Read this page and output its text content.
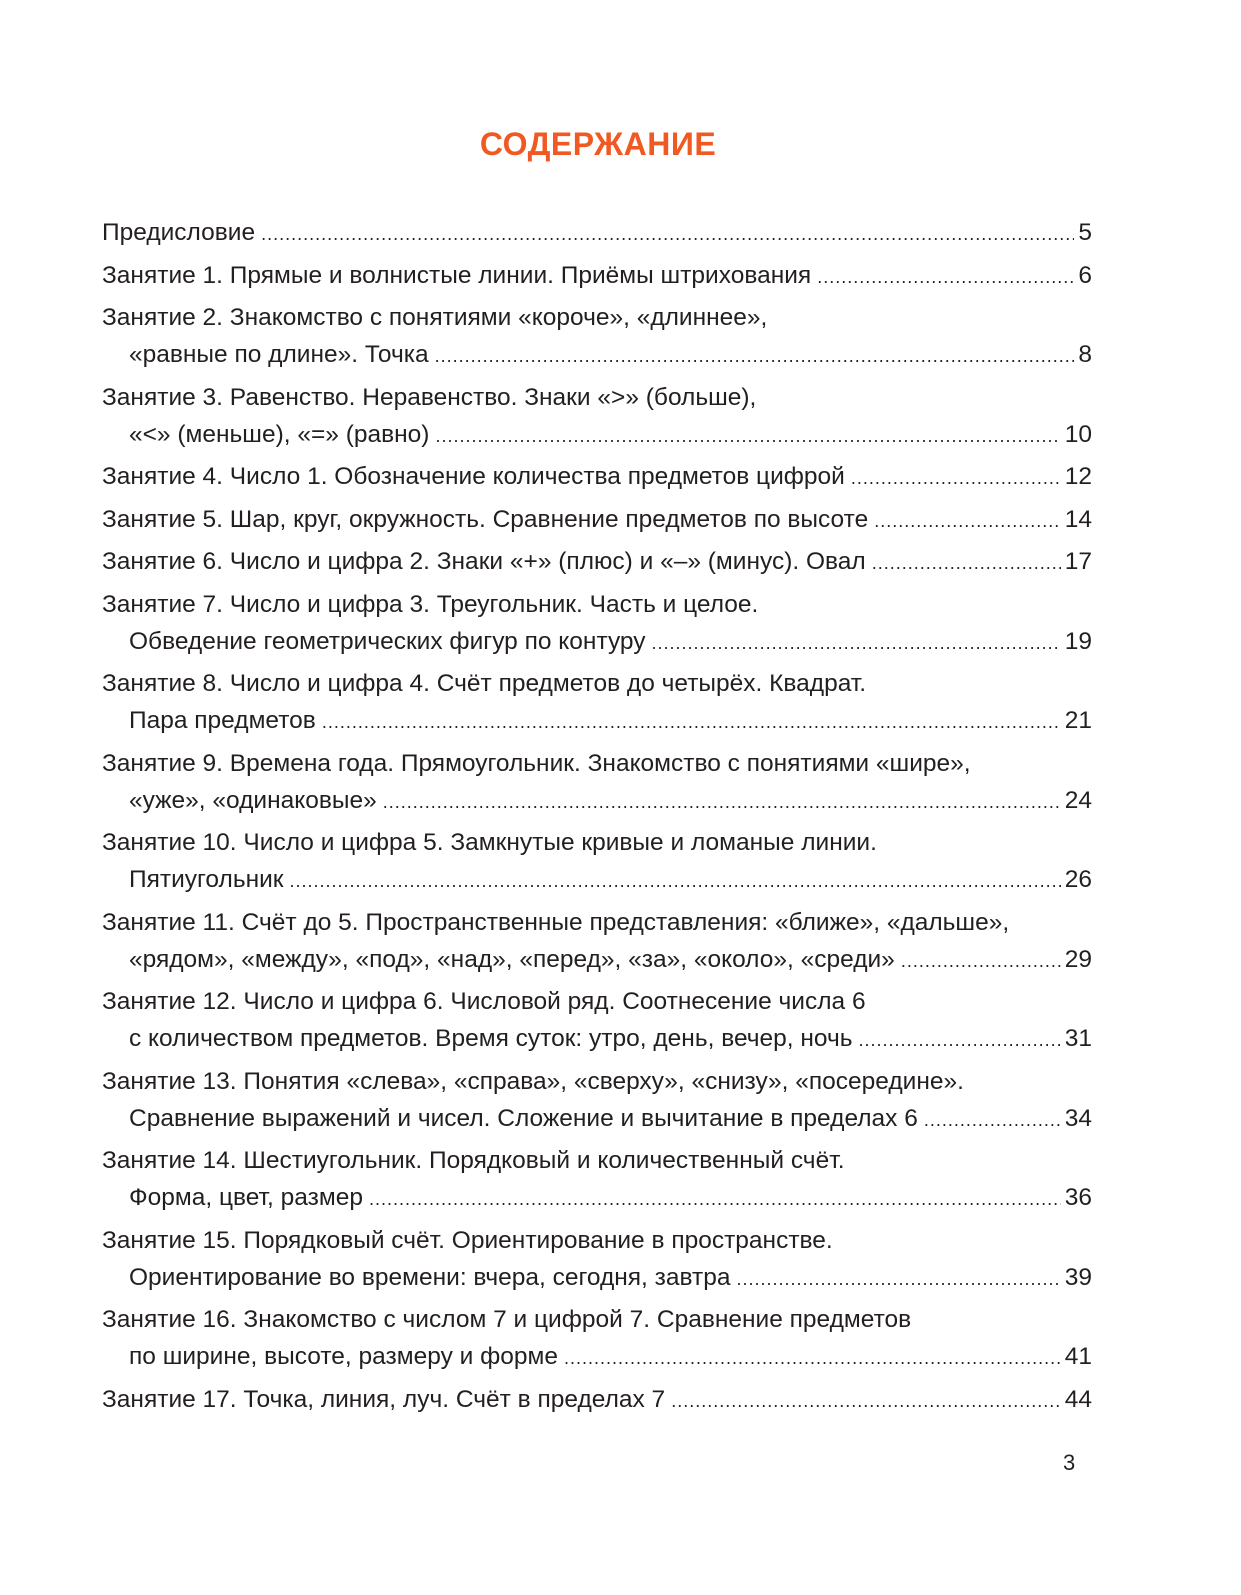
СОДЕРЖАНИЕ
Предисловие .....	5
Занятие 1. Прямые и волнистые линии. Приёмы штрихования .....	6
Занятие 2. Знакомство с понятиями «короче», «длиннее»,
«равные по длине». Точка .....	8
Занятие 3. Равенство. Неравенство. Знаки «>» (больше),
«<» (меньше), «=» (равно) .....	10
Занятие 4. Число 1. Обозначение количества предметов цифрой .....	12
Занятие 5. Шар, круг, окружность. Сравнение предметов по высоте .....	14
Занятие 6. Число и цифра 2. Знаки «+» (плюс) и «–» (минус). Овал .....	17
Занятие 7. Число и цифра 3. Треугольник. Часть и целое.
Обведение геометрических фигур по контуру .....	19
Занятие 8. Число и цифра 4. Счёт предметов до четырёх. Квадрат.
Пара предметов .....	21
Занятие 9. Времена года. Прямоугольник. Знакомство с понятиями «шире»,
«уже», «одинаковые» .....	24
Занятие 10. Число и цифра 5. Замкнутые кривые и ломаные линии.
Пятиугольник .....	26
Занятие 11. Счёт до 5. Пространственные представления: «ближе», «дальше»,
«рядом», «между», «под», «над», «перед», «за», «около», «среди» .....	29
Занятие 12. Число и цифра 6. Числовой ряд. Соотнесение числа 6
с количеством предметов. Время суток: утро, день, вечер, ночь .....	31
Занятие 13. Понятия «слева», «справа», «сверху», «снизу», «посередине».
Сравнение выражений и чисел. Сложение и вычитание в пределах 6 .....	34
Занятие 14. Шестиугольник. Порядковый и количественный счёт.
Форма, цвет, размер .....	36
Занятие 15. Порядковый счёт. Ориентирование в пространстве.
Ориентирование во времени: вчера, сегодня, завтра .....	39
Занятие 16. Знакомство с числом 7 и цифрой 7. Сравнение предметов
по ширине, высоте, размеру и форме .....	41
Занятие 17. Точка, линия, луч. Счёт в пределах 7 .....	44
3
